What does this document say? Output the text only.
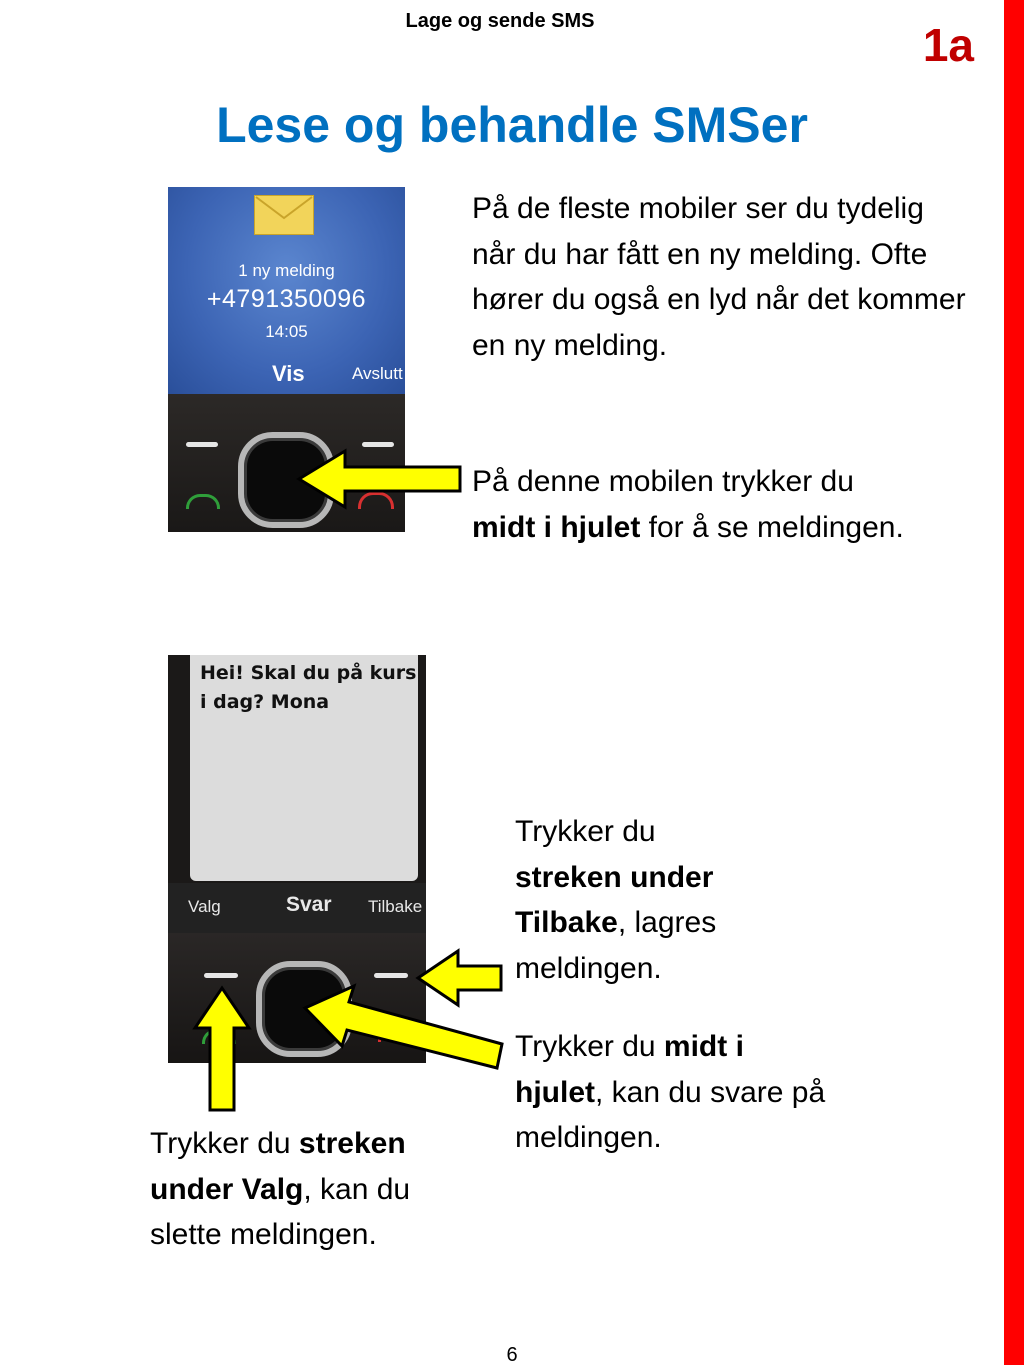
Lage og sende SMS	1a
Lese og behandle SMSer
1 ny melding
+4791350096
14:05
Vis	Avslutt
På de fleste mobiler ser du tydelig når du har fått en ny melding. Ofte hører du også en lyd når det kommer en ny melding.
På denne mobilen trykker du
midt i hjulet for å se meldingen.
Hei! Skal du på kurs
i dag? Mona
Valg	Svar Tilbake
Trykker du
streken under Tilbake, lagres meldingen.
Trykker du midt i hjulet, kan du svare på meldingen.
Trykker du streken under Valg, kan du slette meldingen.
6
